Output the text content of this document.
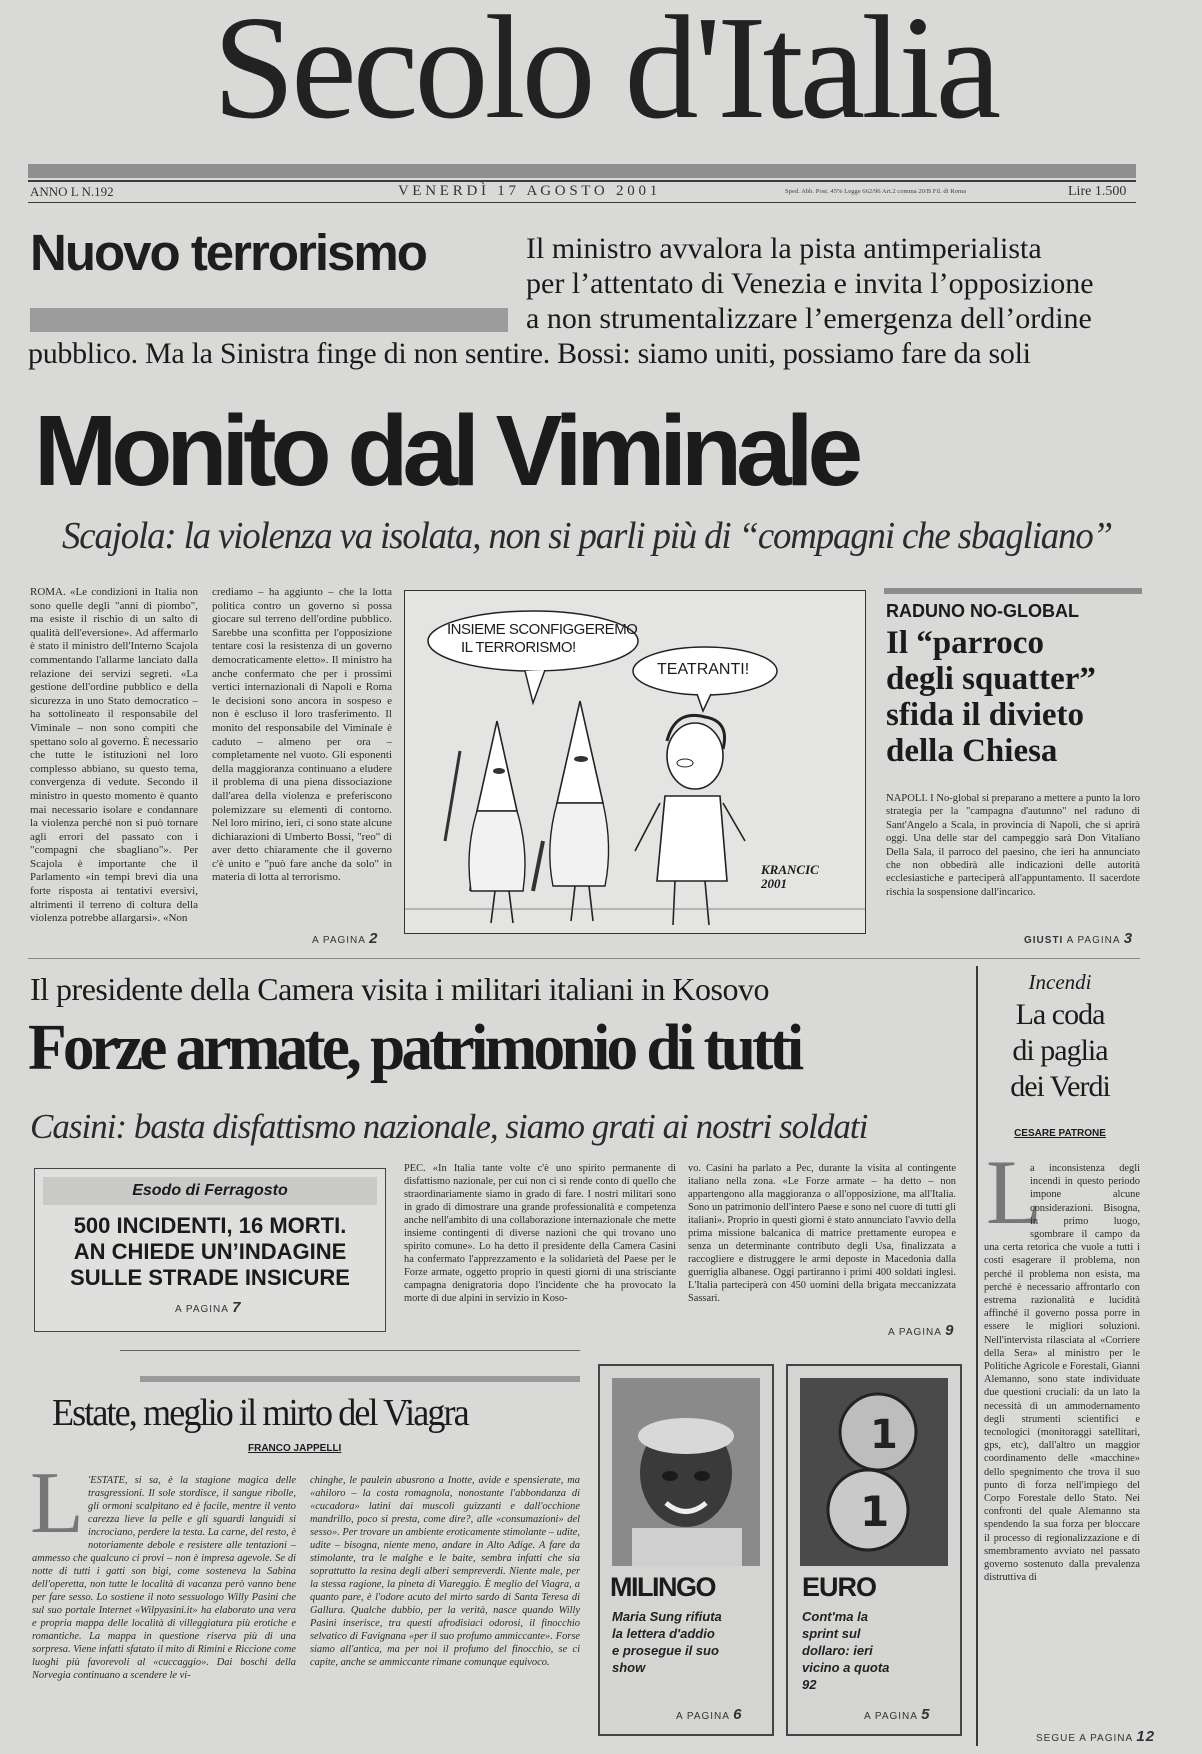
Secolo d'Italia
ANNO L N.192	V E N E R D Ì   1 7   A G O S T O   2 0 0 1	Sped. Abb. Post. 45% Legge 662/96 Art.2 comma 20/B Fil. di Roma	Lire 1.500
Nuovo terrorismo	Il ministro avvalora la pista antimperialista
per l’attentato di Venezia e invita l’opposizione
a non strumentalizzare l’emergenza dell’ordine
pubblico. Ma la Sinistra finge di non sentire. Bossi: siamo uniti, possiamo fare da soli
Monito dal Viminale
Scajola: la violenza va isolata, non si parli più di “compagni che sbagliano”
ROMA. «Le condizioni in Italia non sono quelle degli "anni di piombo", ma esiste il rischio di un salto di qualità dell'eversione». Ad affermarlo è stato il ministro dell'Interno Scajola commentando l'allarme lanciato dalla relazione dei servizi segreti. «La gestione dell'ordine pubblico e della sicurezza in uno Stato democratico – ha sottolineato il responsabile del Viminale – non sono compiti che spettano solo al governo. È necessario che tutte le istituzioni nel loro complesso abbiano, su questo tema, convergenza di vedute. Secondo il ministro in questo momento è quanto mai necessario isolare e condannare la violenza perché non si può tornare agli errori del passato con i "compagni che sbagliano"». Per Scajola è importante che il Parlamento «in tempi brevi dia una forte risposta ai tentativi eversivi, altrimenti il terreno di coltura della violenza potrebbe allargarsi». «Non
crediamo – ha aggiunto – che la lotta politica contro un governo si possa giocare sul terreno dell'ordine pubblico. Sarebbe una sconfitta per l'opposizione tentare così la resistenza di un governo democraticamente eletto». Il ministro ha anche confermato che per i prossimi vertici internazionali di Napoli e Roma le decisioni sono ancora in sospeso e non è escluso il loro trasferimento. Il monito del responsabile del Viminale è caduto – almeno per ora – completamente nel vuoto. Gli esponenti della maggioranza continuano a eludere il problema di una piena dissociazione dall'area della violenza e preferiscono polemizzare su elementi di contorno. Nel loro mirino, ieri, ci sono state alcune dichiarazioni di Umberto Bossi, "reo" di aver detto chiaramente che il governo c'è unito e "può fare anche da solo" in materia di lotta al terrorismo.
A PAGINA 2
INSIEME SCONFIGGEREMO
IL TERRORISMO!
TEATRANTI!
KRANCIC 2001
RADUNO NO-GLOBAL
Il “parroco
degli squatter”
sfida il divieto
della Chiesa
NAPOLI. I No-global si preparano a mettere a punto la loro strategia per la "campagna d'autunno" nel raduno di Sant'Angelo a Scala, in provincia di Napoli, che si aprirà oggi. Una delle star del campeggio sarà Don Vitaliano Della Sala, il parroco del paesino, che ieri ha annunciato che non obbedirà alle indicazioni delle autorità ecclesiastiche e parteciperà all'appuntamento. Il sacerdote rischia la sospensione dall'incarico.
GIUSTI A PAGINA 3
Il presidente della Camera visita i militari italiani in Kosovo
Forze armate, patrimonio di tutti
Casini: basta disfattismo nazionale, siamo grati ai nostri soldati
PEC. «In Italia tante volte c'è uno spirito permanente di disfattismo nazionale, per cui non ci si rende conto di quello che straordinariamente siamo in grado di fare. I nostri militari sono in grado di dimostrare una grande professionalità e competenza anche nell'ambito di una collaborazione internazionale che mette insieme contingenti di diverse nazioni che qui trovano uno spirito comune». Lo ha detto il presidente della Camera Casini ha confermato l'apprezzamento e la solidarietà del Paese per le Forze armate, oggetto proprio in questi giorni di una strisciante campagna denigratoria dopo l'incidente che ha provocato la morte di due alpini in servizio in Koso-
vo. Casini ha parlato a Pec, durante la visita al contingente italiano nella zona. «Le Forze armate – ha detto – non appartengono alla maggioranza o all'opposizione, ma all'Italia. Sono un patrimonio dell'intero Paese e sono nel cuore di tutti gli italiani». Proprio in questi giorni è stato annunciato l'avvio della prima missione balcanica di matrice prettamente europea e senza un determinante contributo degli Usa, finalizzata a raccogliere e distruggere le armi deposte in Macedonia dalla guerriglia albanese. Oggi partiranno i primi 400 soldati inglesi. L'Italia parteciperà con 450 uomini della brigata meccanizzata Sassari.
A PAGINA 9
Esodo di Ferragosto
500 INCIDENTI, 16 MORTI.
AN CHIEDE UN’INDAGINE
SULLE STRADE INSICURE
A PAGINA 7
Incendi
La coda
di paglia
dei Verdi
CESARE PATRONE
L
a inconsistenza degli incendi in questo periodo impone alcune considerazioni. Bisogna, in primo luogo, sgombrare il campo da una certa retorica che vuole a tutti i costi esagerare il problema, non perché il problema non esista, ma perché è necessario affrontarlo con estrema razionalità e lucidità affinché il governo possa porre in essere le migliori soluzioni. Nell'intervista rilasciata al «Corriere della Sera» al ministro per le Politiche Agricole e Forestali, Gianni Alemanno, sono state individuate due questioni cruciali: da un lato la necessità di un ammodernamento degli strumenti scientifici e tecnologici (monitoraggi satellitari, gps, etc), dall'altro un maggior coordinamento delle «macchine» dello spegnimento che trova il suo punto di forza nell'impiego del Corpo Forestale dello Stato. Nei confronti del quale Alemanno sta spendendo la sua forza per bloccare il processo di regionalizzazione e di smembramento avviato nel passato governo sostenuto dalla prevalenza distruttiva di
SEGUE A PAGINA 12
Estate, meglio il mirto del Viagra
FRANCO JAPPELLI
L 'ESTATE, si sa, è la stagione magica delle trasgressioni. Il sole stordisce, il sangue ribolle, gli ormoni scalpitano ed è facile, mentre il vento carezza lieve la pelle e gli sguardi languidi si incrociano, perdere la testa. La carne, del resto, è notoriamente debole e resistere alle tentazioni – ammesso che qualcuno ci provi – non è impresa agevole. Se di notte di tutti i gatti son bigi, come sosteneva la Sabina dell'operetta, non tutte le località di vacanza però vanno bene per fare sesso. Lo sostiene il noto sessuologo Willy Pasini che sul suo portale Internet «Wilpyasini.it» ha elaborato una vera e propria mappa delle località di villeggiatura più erotiche e romantiche. La mappa in questione riserva più di una sorpresa. Viene infatti sfatato il mito di Rimini e Riccione come luoghi più favorevoli al «cuccaggio». Dai boschi della Norvegia continuano a scendere le vi-
chinghe, le paulein abusrono a Inotte, avide e spensierate, ma «ahiloro – la costa romagnola, nonostante l'abbondanza di «cucadora» latini dai muscoli guizzanti e dall'occhione mandrillo, poco si presta, come dire?, alle «consumazioni» del sesso». Per trovare un ambiente eroticamente stimolante – udite, udite – bisogna, niente meno, andare in Alto Adige. A fare da stimolante, tra le malghe e le baite, sembra infatti che sia soprattutto la resina degli alberi sempreverdi. Niente male, per la stessa ragione, la pineta di Viareggio. È meglio del Viagra, a quanto pare, è l'odore acuto del mirto sardo di Santa Teresa di Gallura. Qualche dubbio, per la verità, nasce quando Willy Pasini inserisce, tra questi afrodisiaci odorosi, il finocchio selvatico di Favignana «per il suo profumo ammiccante». Forse siamo all'antica, ma per noi il profumo del finocchio, se ci capite, anche se ammiccante rimane comunque equivoco.
MILINGO
Maria Sung rifiuta la lettera d'addio e prosegue il suo show
A PAGINA 6
1
1
EURO
Cont'ma la sprint sul dollaro: ieri vicino a quota 92
A PAGINA 5
